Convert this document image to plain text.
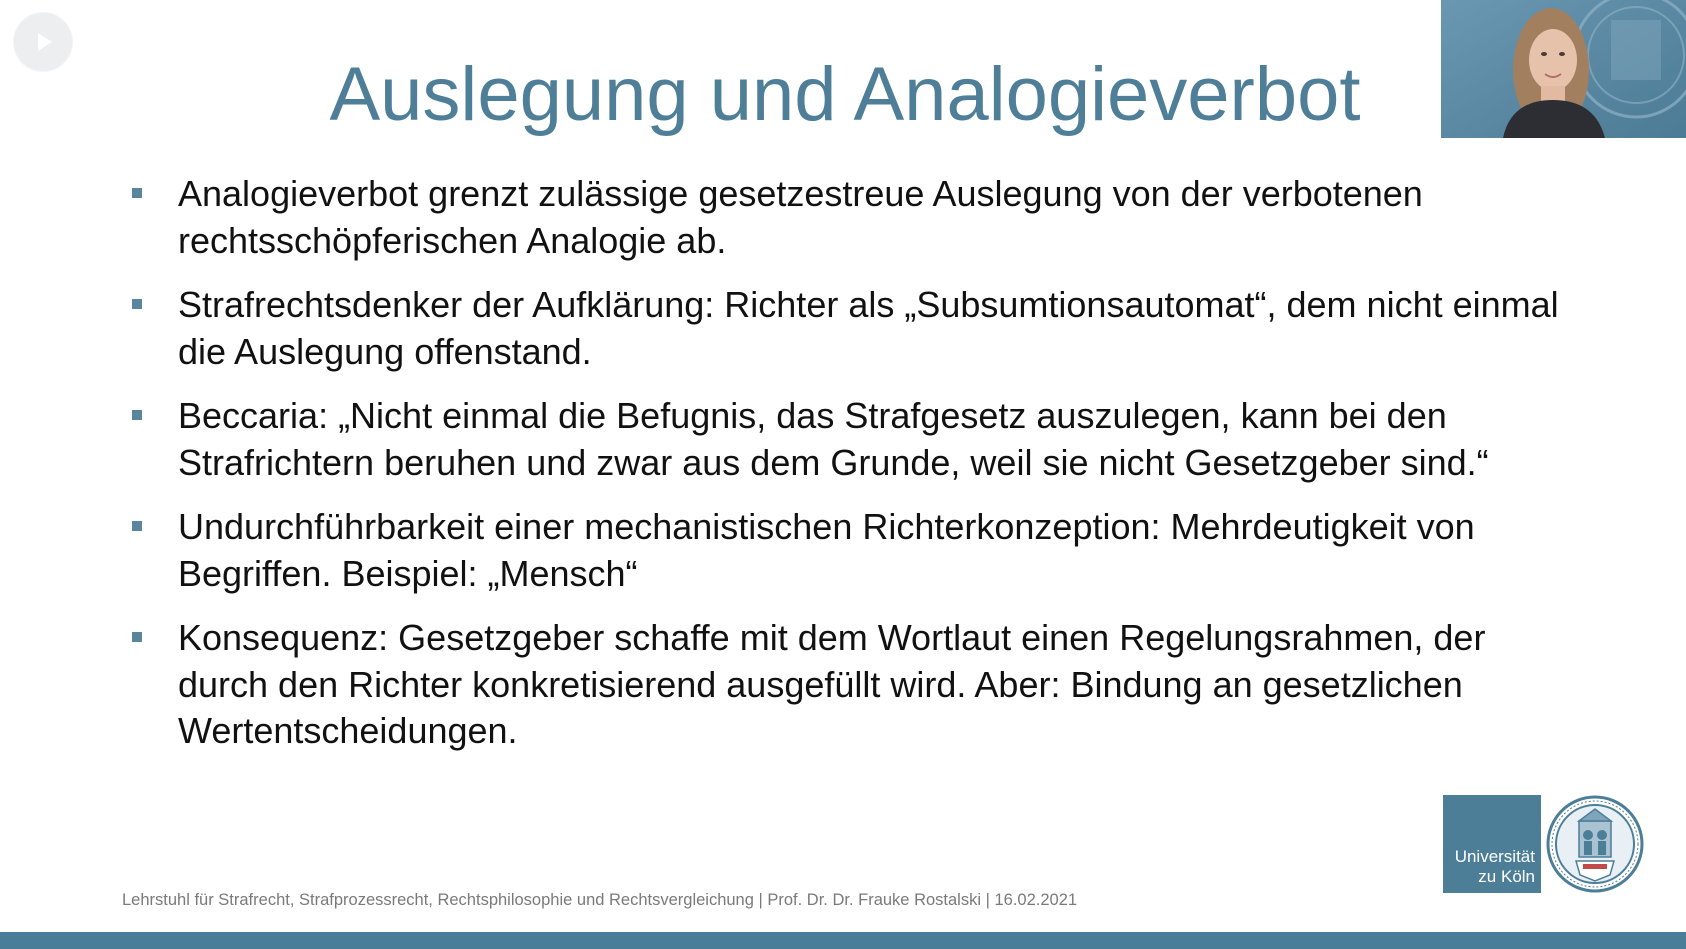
Auslegung und Analogieverbot
Analogieverbot grenzt zulässige gesetzestreue Auslegung von der verbotenen rechtsschöpferischen Analogie ab.
Strafrechtsdenker der Aufklärung: Richter als „Subsumtionsautomat“, dem nicht einmal die Auslegung offenstand.
Beccaria: „Nicht einmal die Befugnis, das Strafgesetz auszulegen, kann bei den Strafrichtern beruhen und zwar aus dem Grunde, weil sie nicht Gesetzgeber sind.“
Undurchführbarkeit einer mechanistischen Richterkonzeption: Mehrdeutigkeit von Begriffen. Beispiel: „Mensch“
Konsequenz: Gesetzgeber schaffe mit dem Wortlaut einen Regelungsrahmen, der durch den Richter konkretisierend ausgefüllt wird. Aber: Bindung an gesetzlichen Wertentscheidungen.
Universität
zu Köln
Lehrstuhl für Strafrecht, Strafprozessrecht, Rechtsphilosophie und Rechtsvergleichung | Prof. Dr. Dr. Frauke Rostalski | 16.02.2021
